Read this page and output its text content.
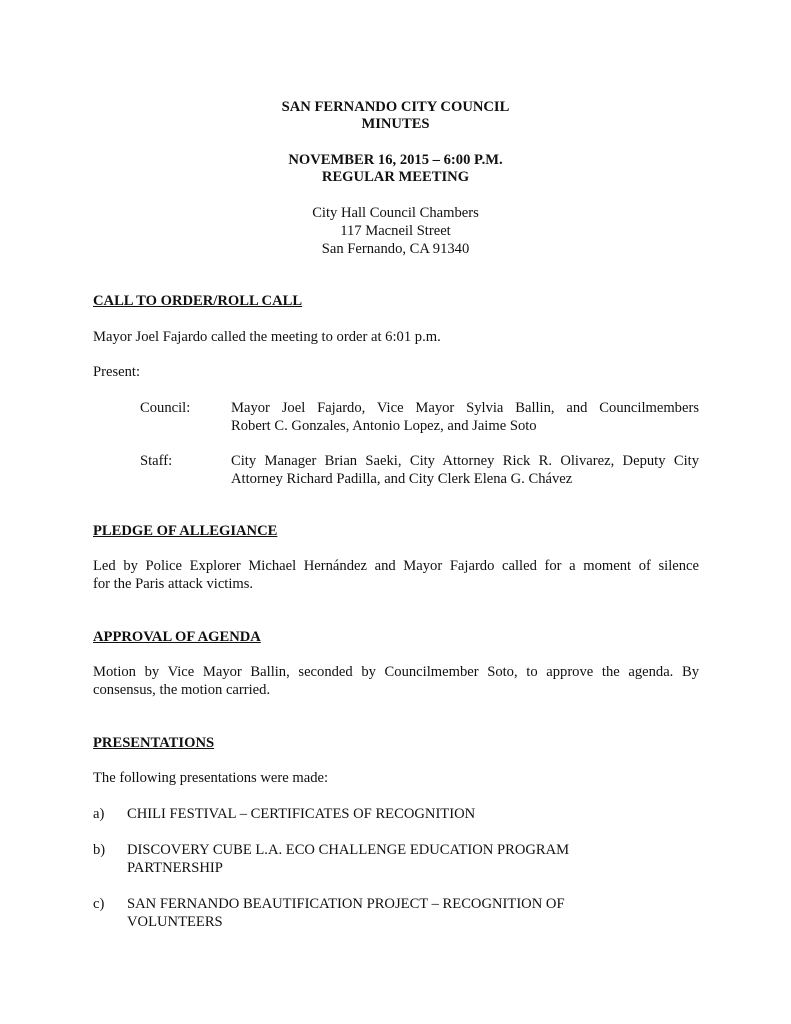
SAN FERNANDO CITY COUNCIL
MINUTES
NOVEMBER 16, 2015 – 6:00 P.M.
REGULAR MEETING
City Hall Council Chambers
117 Macneil Street
San Fernando, CA 91340
CALL TO ORDER/ROLL CALL
Mayor Joel Fajardo called the meeting to order at 6:01 p.m.
Present:
Council:	Mayor Joel Fajardo, Vice Mayor Sylvia Ballin, and Councilmembers
Robert C. Gonzales, Antonio Lopez, and Jaime Soto
Staff:	City Manager Brian Saeki, City Attorney Rick R. Olivarez, Deputy City
Attorney Richard Padilla, and City Clerk Elena G. Chávez
PLEDGE OF ALLEGIANCE
Led by Police Explorer Michael Hernández and Mayor Fajardo called for a moment of silence
for the Paris attack victims.
APPROVAL OF AGENDA
Motion by Vice Mayor Ballin, seconded by Councilmember Soto, to approve the agenda. By
consensus, the motion carried.
PRESENTATIONS
The following presentations were made:
a) CHILI FESTIVAL – CERTIFICATES OF RECOGNITION
b) DISCOVERY CUBE L.A. ECO CHALLENGE EDUCATION PROGRAM
PARTNERSHIP
c) SAN FERNANDO BEAUTIFICATION PROJECT – RECOGNITION OF
VOLUNTEERS
